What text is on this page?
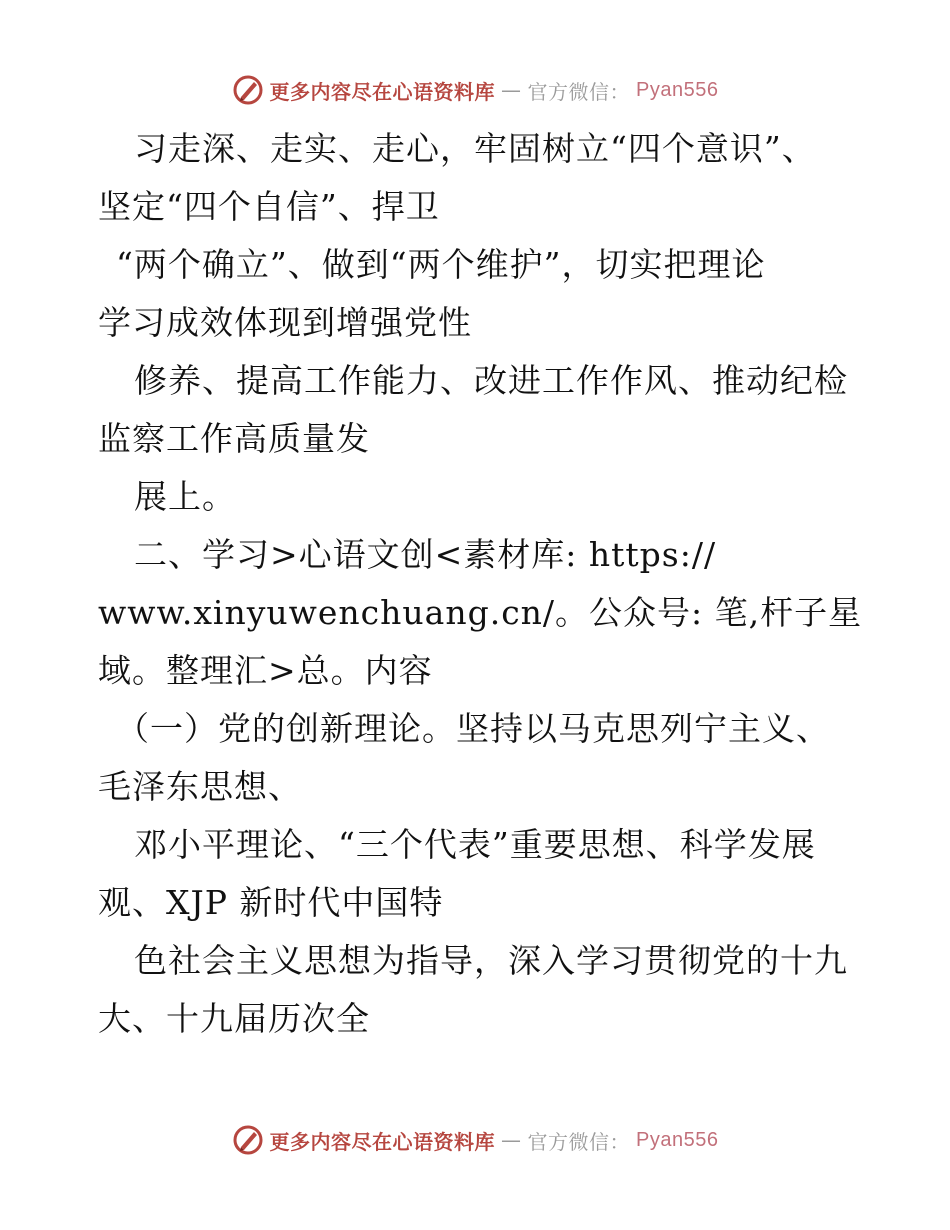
更多内容尽在心语资料库 — 官方微信： Pyan556
习走深、走实、走心，牢固树立“四个意识”、
坚定“四个自信”、捍卫
“两个确立”、做到“两个维护”，切实把理论
学习成效体现到增强党性
修养、提高工作能力、改进工作作风、推动纪检
监察工作高质量发
展上。
二、学习>心语文创<素材库: https://
www.xinyuwenchuang.cn/。公众号: 笔,杆子星
域。整理汇>总。内容
（一）党的创新理论。坚持以马克思列宁主义、
毛泽东思想、
邓小平理论、“三个代表”重要思想、科学发展
观、XJP 新时代中国特
色社会主义思想为指导，深入学习贯彻党的十九
大、十九届历次全
更多内容尽在心语资料库 — 官方微信： Pyan556
